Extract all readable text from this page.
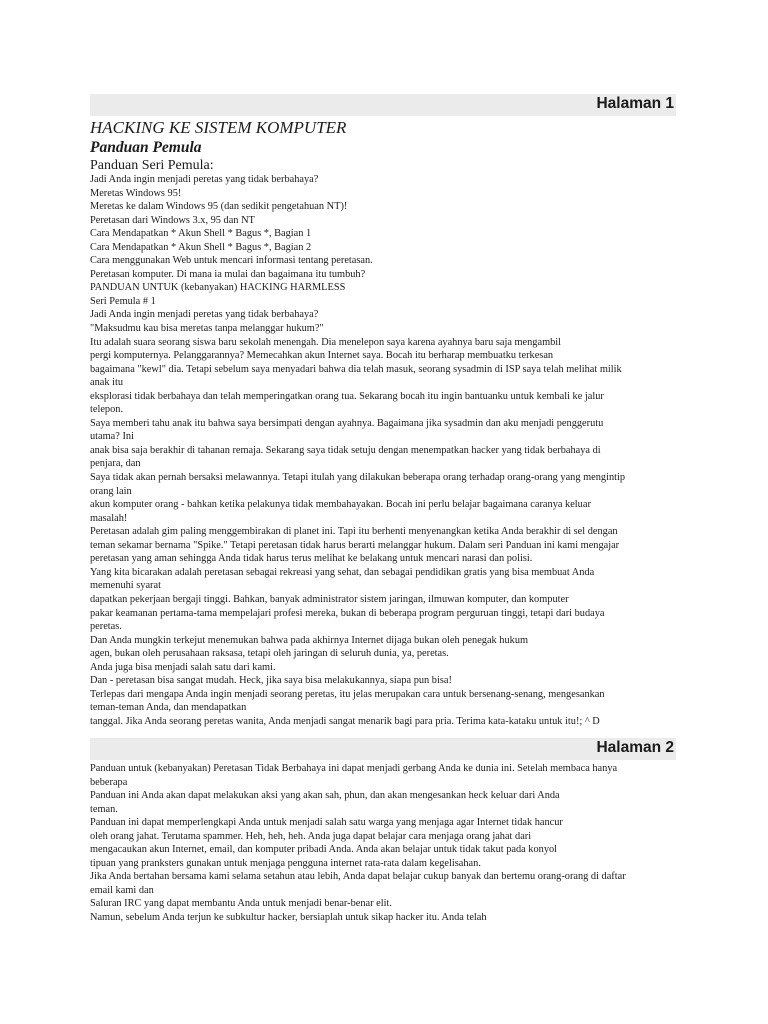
Halaman 1
HACKING KE SISTEM KOMPUTER
Panduan Pemula

Panduan Seri Pemula:

Jadi Anda ingin menjadi peretas yang tidak berbahaya?
Meretas Windows 95!
Meretas ke dalam Windows 95 (dan sedikit pengetahuan NT)!
Peretasan dari Windows 3.x, 95 dan NT
Cara Mendapatkan * Akun Shell * Bagus *, Bagian 1
Cara Mendapatkan * Akun Shell * Bagus *, Bagian 2
Cara menggunakan Web untuk mencari informasi tentang peretasan.
Peretasan komputer. Di mana ia mulai dan bagaimana itu tumbuh?
PANDUAN UNTUK (kebanyakan) HACKING HARMLESS
Seri Pemula # 1
Jadi Anda ingin menjadi peretas yang tidak berbahaya?
"Maksudmu kau bisa meretas tanpa melanggar hukum?"
Itu adalah suara seorang siswa baru sekolah menengah. Dia menelepon saya karena ayahnya baru saja mengambil
pergi komputernya. Pelanggarannya? Memecahkan akun Internet saya. Bocah itu berharap membuatku terkesan
bagaimana "kewl" dia. Tetapi sebelum saya menyadari bahwa dia telah masuk, seorang sysadmin di ISP saya telah melihat milik
anak itu
eksplorasi tidak berbahaya dan telah memperingatkan orang tua. Sekarang bocah itu ingin bantuanku untuk kembali ke jalur
telepon.
Saya memberi tahu anak itu bahwa saya bersimpati dengan ayahnya. Bagaimana jika sysadmin dan aku menjadi penggerutu
utama? Ini
anak bisa saja berakhir di tahanan remaja. Sekarang saya tidak setuju dengan menempatkan hacker yang tidak berbahaya di
penjara, dan
Saya tidak akan pernah bersaksi melawannya. Tetapi itulah yang dilakukan beberapa orang terhadap orang-orang yang mengintip
orang lain
akun komputer orang - bahkan ketika pelakunya tidak membahayakan. Bocah ini perlu belajar bagaimana caranya keluar
masalah!
Peretasan adalah gim paling menggembirakan di planet ini. Tapi itu berhenti menyenangkan ketika Anda berakhir di sel dengan
teman sekamar bernama "Spike." Tetapi peretasan tidak harus berarti melanggar hukum. Dalam seri Panduan ini kami mengajar
peretasan yang aman sehingga Anda tidak harus terus melihat ke belakang untuk mencari narasi dan polisi.
Yang kita bicarakan adalah peretasan sebagai rekreasi yang sehat, dan sebagai pendidikan gratis yang bisa membuat Anda
memenuhi syarat
dapatkan pekerjaan bergaji tinggi. Bahkan, banyak administrator sistem jaringan, ilmuwan komputer, dan komputer
pakar keamanan pertama-tama mempelajari profesi mereka, bukan di beberapa program perguruan tinggi, tetapi dari budaya
peretas.
Dan Anda mungkin terkejut menemukan bahwa pada akhirnya Internet dijaga bukan oleh penegak hukum
agen, bukan oleh perusahaan raksasa, tetapi oleh jaringan di seluruh dunia, ya, peretas.
Anda juga bisa menjadi salah satu dari kami.
Dan - peretasan bisa sangat mudah. Heck, jika saya bisa melakukannya, siapa pun bisa!
Terlepas dari mengapa Anda ingin menjadi seorang peretas, itu jelas merupakan cara untuk bersenang-senang, mengesankan
teman-teman Anda, dan mendapatkan
tanggal. Jika Anda seorang peretas wanita, Anda menjadi sangat menarik bagi para pria. Terima kata-kataku untuk itu!; ^ D
Halaman 2
Panduan untuk (kebanyakan) Peretasan Tidak Berbahaya ini dapat menjadi gerbang Anda ke dunia ini. Setelah membaca hanya
beberapa
Panduan ini Anda akan dapat melakukan aksi yang akan sah, phun, dan akan mengesankan heck keluar dari Anda
teman.
Panduan ini dapat memperlengkapi Anda untuk menjadi salah satu warga yang menjaga agar Internet tidak hancur
oleh orang jahat. Terutama spammer. Heh, heh, heh. Anda juga dapat belajar cara menjaga orang jahat dari
mengacaukan akun Internet, email, dan komputer pribadi Anda. Anda akan belajar untuk tidak takut pada konyol
tipuan yang pranksters gunakan untuk menjaga pengguna internet rata-rata dalam kegelisahan.
Jika Anda bertahan bersama kami selama setahun atau lebih, Anda dapat belajar cukup banyak dan bertemu orang-orang di daftar
email kami dan
Saluran IRC yang dapat membantu Anda untuk menjadi benar-benar elit.
Namun, sebelum Anda terjun ke subkultur hacker, bersiaplah untuk sikap hacker itu. Anda telah
